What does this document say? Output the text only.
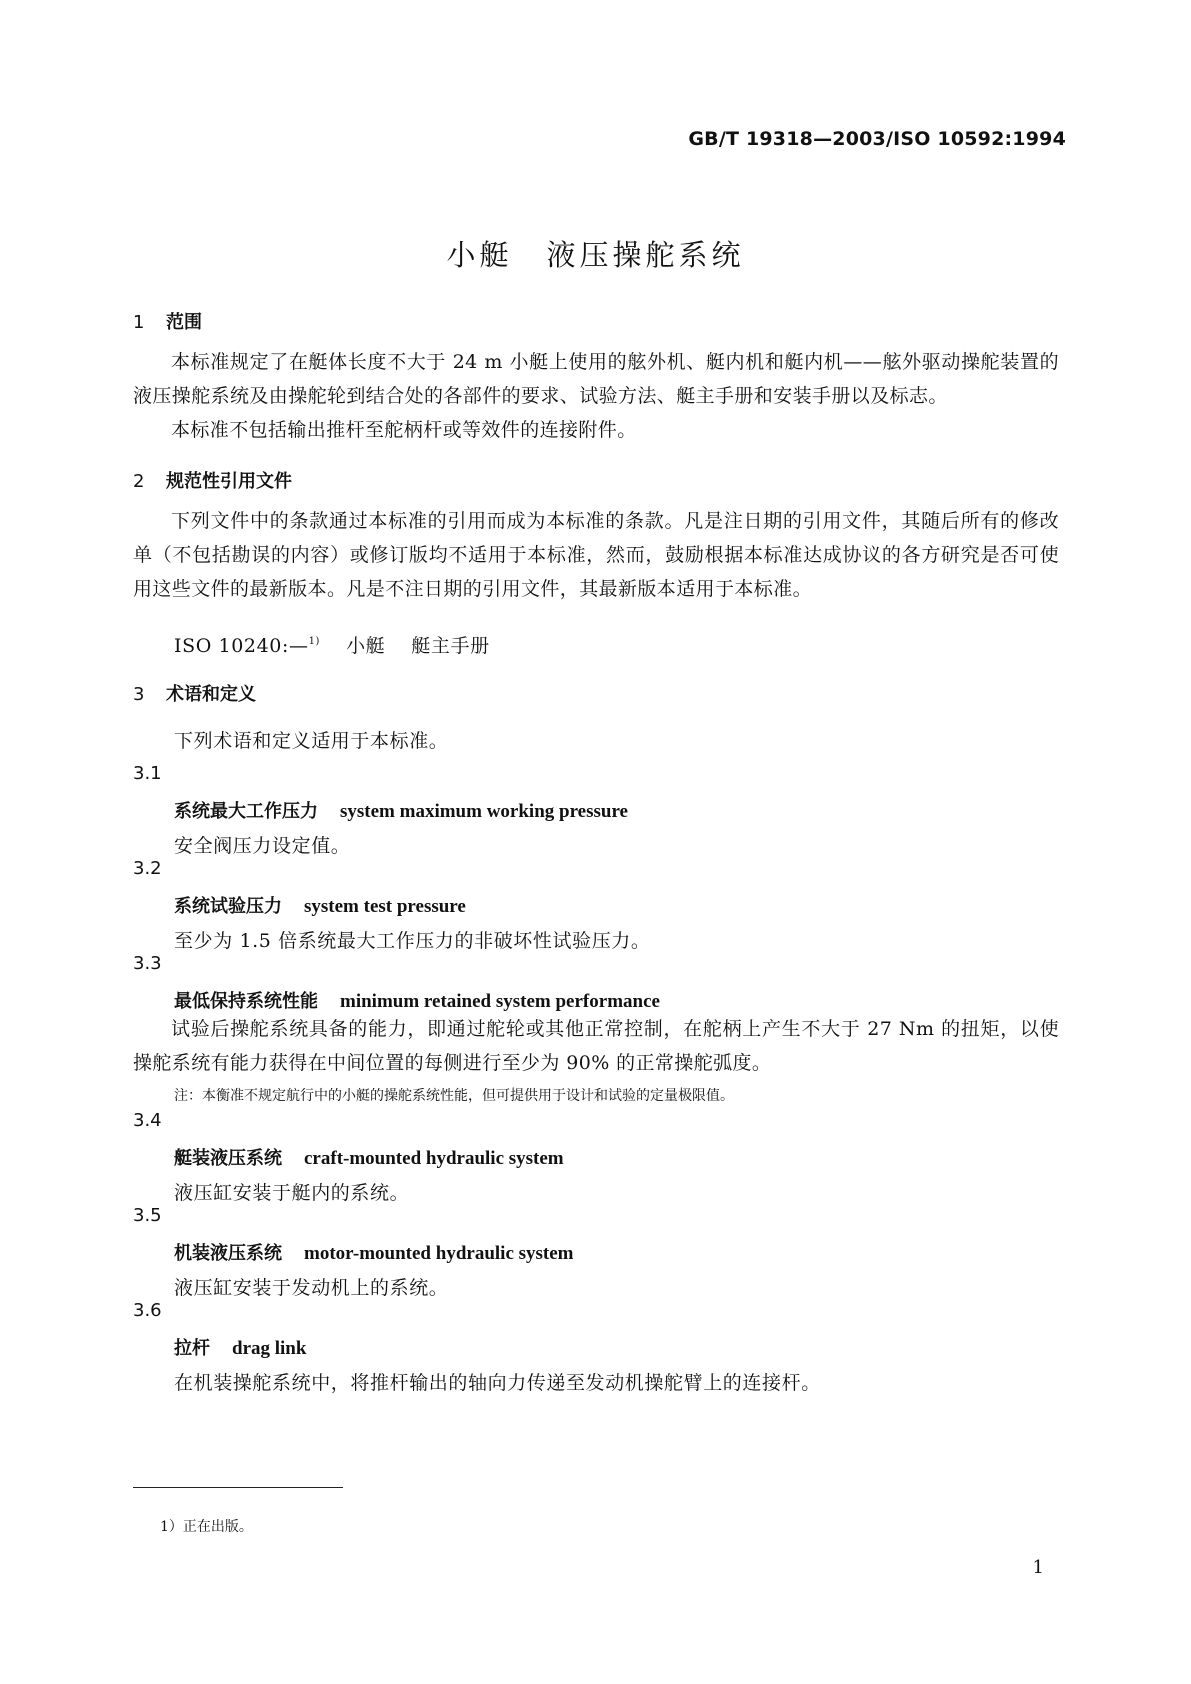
GB/T 19318—2003/ISO 10592:1994
小艇 液压操舵系统
1 范围
本标准规定了在艇体长度不大于 24 m 小艇上使用的舷外机、艇内机和艇内机——舷外驱动操舵装置的液压操舵系统及由操舵轮到结合处的各部件的要求、试验方法、艇主手册和安装手册以及标志。
本标准不包括输出推杆至舵柄杆或等效件的连接附件。
2 规范性引用文件
下列文件中的条款通过本标准的引用而成为本标准的条款。凡是注日期的引用文件，其随后所有的修改单（不包括勘误的内容）或修订版均不适用于本标准，然而，鼓励根据本标准达成协议的各方研究是否可使用这些文件的最新版本。凡是不注日期的引用文件，其最新版本适用于本标准。
ISO 10240:—$^{1)}$ 小艇 艇主手册
3 术语和定义
下列术语和定义适用于本标准。
3.1
系统最大工作压力 system maximum working pressure
安全阀压力设定值。
3.2
系统试验压力 system test pressure
至少为 1.5 倍系统最大工作压力的非破坏性试验压力。
3.3
最低保持系统性能 minimum retained system performance
试验后操舵系统具备的能力，即通过舵轮或其他正常控制，在舵柄上产生不大于 27 Nm 的扭矩，以使操舵系统有能力获得在中间位置的每侧进行至少为 90% 的正常操舵弧度。
注：本衡准不规定航行中的小艇的操舵系统性能，但可提供用于设计和试验的定量极限值。
3.4
艇装液压系统 craft-mounted hydraulic system
液压缸安装于艇内的系统。
3.5
机装液压系统 motor-mounted hydraulic system
液压缸安装于发动机上的系统。
3.6
拉杆 drag link
在机装操舵系统中，将推杆输出的轴向力传递至发动机操舵臂上的连接杆。
1）正在出版。
1
